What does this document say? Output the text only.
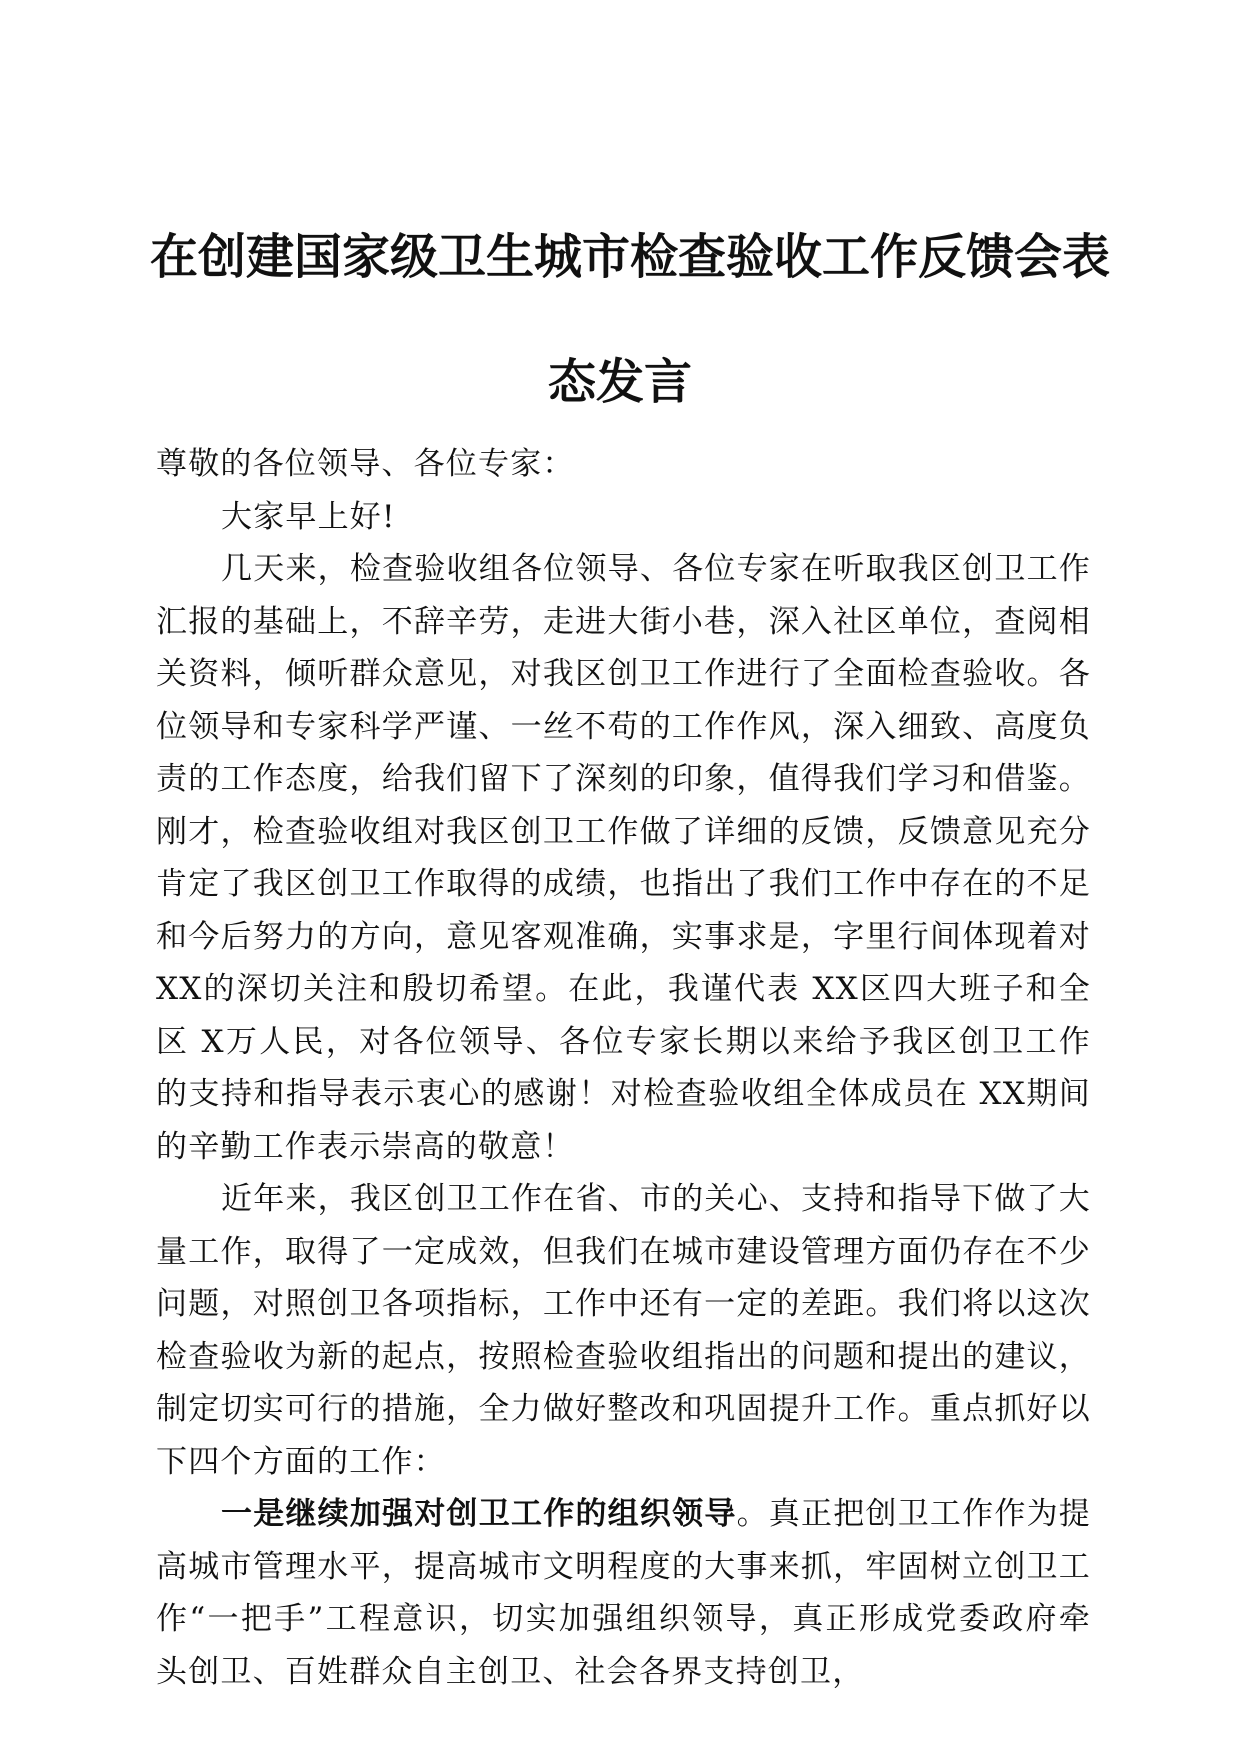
在创建国家级卫生城市检查验收工作反馈会表
态发言

尊敬的各位领导、各位专家：

大家早上好!

几天来，检查验收组各位领导、各位专家在听取我区创卫工作汇报的基础上，不辞辛劳，走进大街小巷，深入社区单位，查阅相关资料，倾听群众意见，对我区创卫工作进行了全面检查验收。各位领导和专家科学严谨、一丝不苟的工作作风，深入细致、高度负责的工作态度，给我们留下了深刻的印象，值得我们学习和借鉴。刚才，检查验收组对我区创卫工作做了详细的反馈，反馈意见充分肯定了我区创卫工作取得的成绩，也指出了我们工作中存在的不足和今后努力的方向，意见客观准确，实事求是，字里行间体现着对 XX的深切关注和殷切希望。在此，我谨代表 XX区四大班子和全区 X万人民，对各位领导、各位专家长期以来给予我区创卫工作的支持和指导表示衷心的感谢！对检查验收组全体成员在 XX期间的辛勤工作表示崇高的敬意！

近年来，我区创卫工作在省、市的关心、支持和指导下做了大量工作，取得了一定成效，但我们在城市建设管理方面仍存在不少问题，对照创卫各项指标，工作中还有一定的差距。我们将以这次检查验收为新的起点，按照检查验收组指出的问题和提出的建议，制定切实可行的措施，全力做好整改和巩固提升工作。重点抓好以下四个方面的工作：

一是继续加强对创卫工作的组织领导。真正把创卫工作作为提高城市管理水平，提高城市文明程度的大事来抓，牢固树立创卫工作“一把手”工程意识，切实加强组织领导，真正形成党委政府牵头创卫、百姓群众自主创卫、社会各界支持创卫，
